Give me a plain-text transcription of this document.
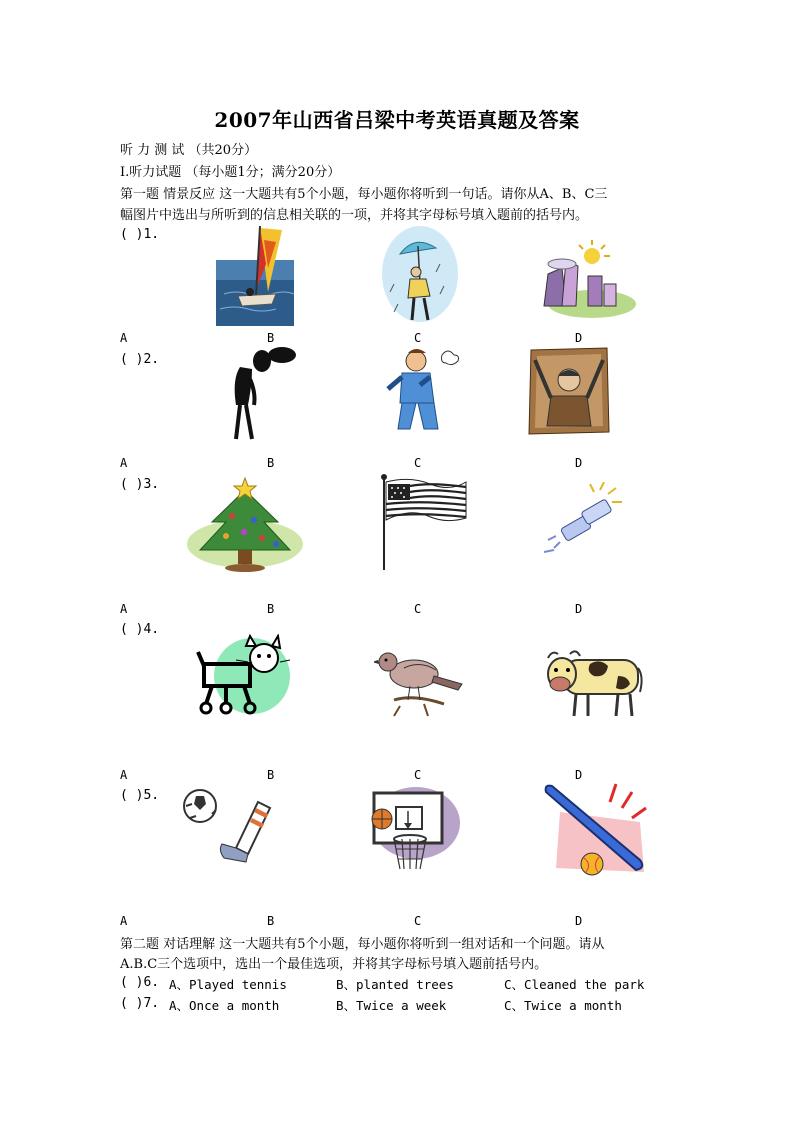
2007年山西省吕梁中考英语真题及答案
听 力 测 试 （共20分）
I.听力试题 （每小题1分；满分20分）
第一题 情景反应 这一大题共有5个小题，每小题你将听到一句话。请你从A、B、C三
幅图片中选出与所听到的信息相关联的一项，并将其字母标号填入题前的括号内。
( )1.
A	B	C	D
( )2.
A	B	C	D
( )3.
A	B	C	D
( )4.
A	B	C	D
( )5.
A	B	C	D
第二题 对话理解 这一大题共有5个小题，每小题你将听到一组对话和一个问题。请从
A.B.C三个选项中，选出一个最佳选项，并将其字母标号填入题前括号内。
( )6. A、Played tennis	B、planted trees	C、Cleaned the park
( )7. A、Once a month	B、Twice a week	C、Twice a month
